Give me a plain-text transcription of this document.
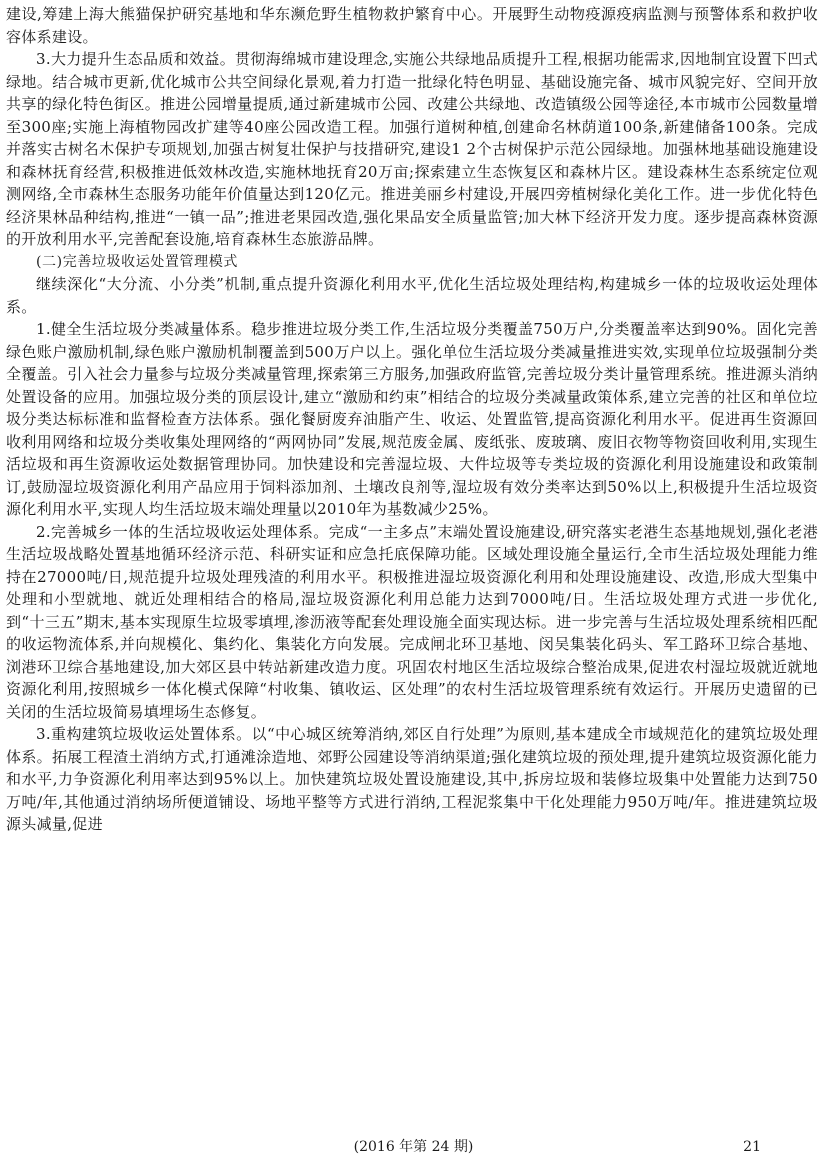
建设,筹建上海大熊猫保护研究基地和华东濒危野生植物救护繁育中心。开展野生动物疫源疫病监测与预警体系和救护收容体系建设。

3.大力提升生态品质和效益。贯彻海绵城市建设理念,实施公共绿地品质提升工程,根据功能需求,因地制宜设置下凹式绿地。结合城市更新,优化城市公共空间绿化景观,着力打造一批绿化特色明显、基础设施完备、城市风貌完好、空间开放共享的绿化特色街区。推进公园增量提质,通过新建城市公园、改建公共绿地、改造镇级公园等途径,本市城市公园数量增至300座;实施上海植物园改扩建等40座公园改造工程。加强行道树种植,创建命名林荫道100条,新建储备100条。完成并落实古树名木保护专项规划,加强古树复壮保护与技措研究,建设1 2个古树保护示范公园绿地。加强林地基础设施建设和森林抚育经营,积极推进低效林改造,实施林地抚育20万亩;探索建立生态恢复区和森林片区。建设森林生态系统定位观测网络,全市森林生态服务功能年价值量达到120亿元。推进美丽乡村建设,开展四旁植树绿化美化工作。进一步优化特色经济果林品种结构,推进“一镇一品”;推进老果园改造,强化果品安全质量监管;加大林下经济开发力度。逐步提高森林资源的开放利用水平,完善配套设施,培育森林生态旅游品牌。

(二)完善垃圾收运处置管理模式

继续深化“大分流、小分类”机制,重点提升资源化利用水平,优化生活垃圾处理结构,构建城乡一体的垃圾收运处理体系。

1.健全生活垃圾分类减量体系。稳步推进垃圾分类工作,生活垃圾分类覆盖750万户,分类覆盖率达到90%。固化完善绿色账户激励机制,绿色账户激励机制覆盖到500万户以上。强化单位生活垃圾分类减量推进实效,实现单位垃圾强制分类全覆盖。引入社会力量参与垃圾分类减量管理,探索第三方服务,加强政府监管,完善垃圾分类计量管理系统。推进源头消纳处置设备的应用。加强垃圾分类的顶层设计,建立“激励和约束”相结合的垃圾分类减量政策体系,建立完善的社区和单位垃圾分类达标标准和监督检查方法体系。强化餐厨废弃油脂产生、收运、处置监管,提高资源化利用水平。促进再生资源回收利用网络和垃圾分类收集处理网络的“两网协同”发展,规范废金属、废纸张、废玻璃、废旧衣物等物资回收利用,实现生活垃圾和再生资源收运处数据管理协同。加快建设和完善湿垃圾、大件垃圾等专类垃圾的资源化利用设施建设和政策制订,鼓励湿垃圾资源化利用产品应用于饲料添加剂、土壤改良剂等,湿垃圾有效分类率达到50%以上,积极提升生活垃圾资源化利用水平,实现人均生活垃圾末端处理量以2010年为基数减少25%。

2.完善城乡一体的生活垃圾收运处理体系。完成“一主多点”末端处置设施建设,研究落实老港生态基地规划,强化老港生活垃圾战略处置基地循环经济示范、科研实证和应急托底保障功能。区域处理设施全量运行,全市生活垃圾处理能力维持在27000吨/日,规范提升垃圾处理残渣的利用水平。积极推进湿垃圾资源化利用和处理设施建设、改造,形成大型集中处理和小型就地、就近处理相结合的格局,湿垃圾资源化利用总能力达到7000吨/日。生活垃圾处理方式进一步优化,到“十三五”期末,基本实现原生垃圾零填埋,渗沥液等配套处理设施全面实现达标。进一步完善与生活垃圾处理系统相匹配的收运物流体系,并向规模化、集约化、集装化方向发展。完成闸北环卫基地、闵吴集装化码头、军工路环卫综合基地、浏港环卫综合基地建设,加大郊区县中转站新建改造力度。巩固农村地区生活垃圾综合整治成果,促进农村湿垃圾就近就地资源化利用,按照城乡一体化模式保障“村收集、镇收运、区处理”的农村生活垃圾管理系统有效运行。开展历史遗留的已关闭的生活垃圾简易填埋场生态修复。

3.重构建筑垃圾收运处置体系。以“中心城区统筹消纳,郊区自行处理”为原则,基本建成全市域规范化的建筑垃圾处理体系。拓展工程渣土消纳方式,打通滩涂造地、郊野公园建设等消纳渠道;强化建筑垃圾的预处理,提升建筑垃圾资源化能力和水平,力争资源化利用率达到95%以上。加快建筑垃圾处置设施建设,其中,拆房垃圾和装修垃圾集中处置能力达到750万吨/年,其他通过消纳场所便道铺设、场地平整等方式进行消纳,工程泥浆集中干化处理能力950万吨/年。推进建筑垃圾源头减量,促进

(2016 年第 24 期)	21
